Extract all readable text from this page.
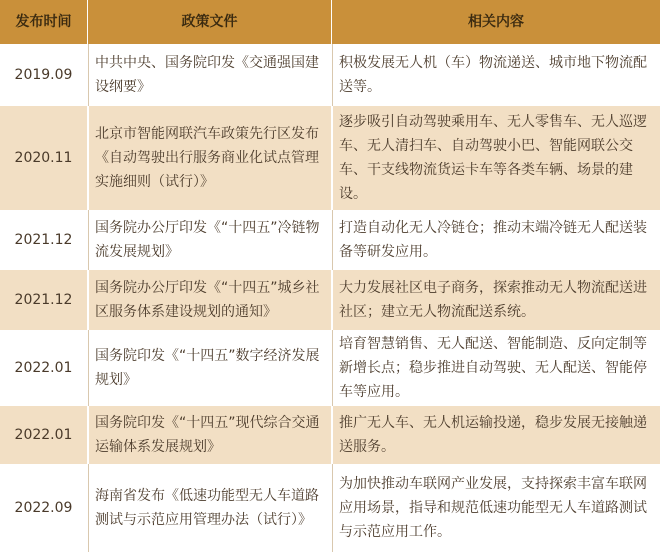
发布时间	政策文件	相关内容
2019.09
中共中央、国务院印发《交通强国建设纲要》
积极发展无人机（车）物流递送、城市地下物流配送等。
2020.11
北京市智能网联汽车政策先行区发布《自动驾驶出行服务商业化试点管理实施细则（试行）》
逐步吸引自动驾驶乘用车、无人零售车、无人巡逻车、无人清扫车、自动驾驶小巴、智能网联公交车、干支线物流货运卡车等各类车辆、场景的建设。
2021.12
国务院办公厅印发《“十四五”冷链物流发展规划》
打造自动化无人冷链仓；推动末端冷链无人配送装备等研发应用。
2021.12
国务院办公厅印发《“十四五”城乡社区服务体系建设规划的通知》
大力发展社区电子商务，探索推动无人物流配送进社区；建立无人物流配送系统。
2022.01
国务院印发《“十四五”数字经济发展规划》
培育智慧销售、无人配送、智能制造、反向定制等新增长点；稳步推进自动驾驶、无人配送、智能停车等应用。
2022.01
国务院印发《“十四五”现代综合交通运输体系发展规划》
推广无人车、无人机运输投递，稳步发展无接触递送服务。
2022.09
海南省发布《低速功能型无人车道路测试与示范应用管理办法（试行）》
为加快推动车联网产业发展，支持探索丰富车联网应用场景，指导和规范低速功能型无人车道路测试与示范应用工作。
